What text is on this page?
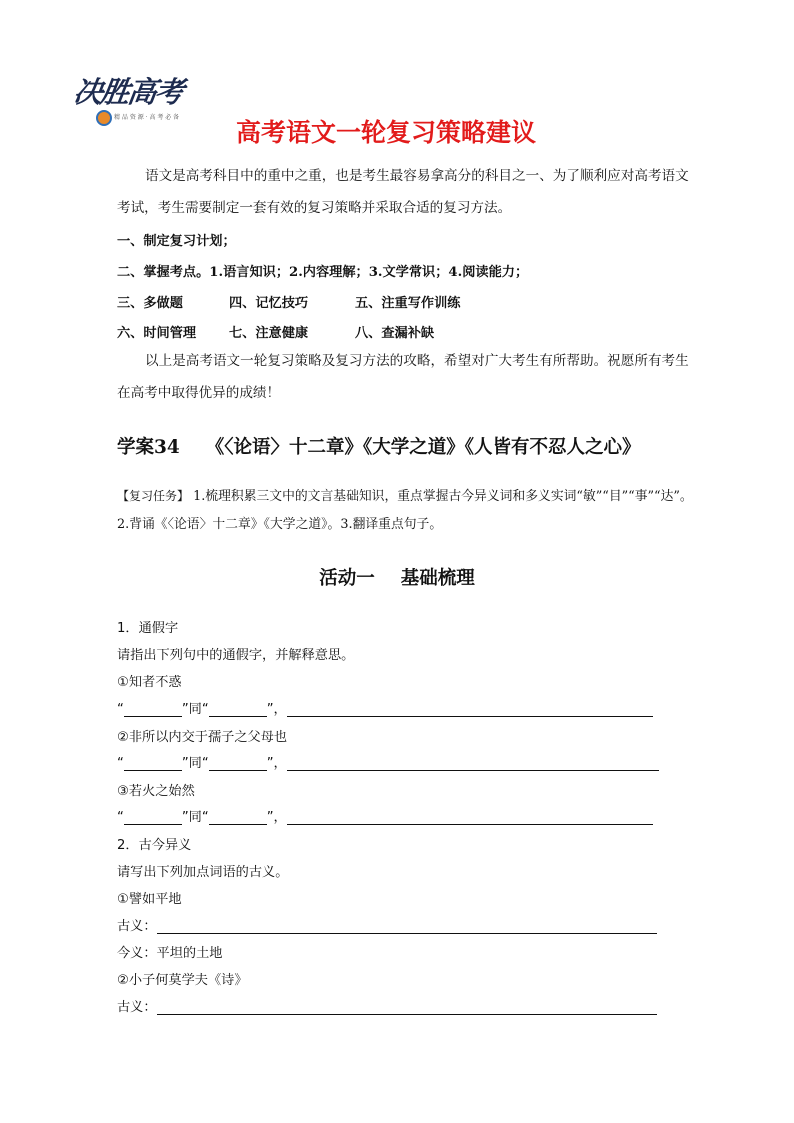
决胜高考
精 品 资 源 · 高 考 必 备
高考语文一轮复习策略建议
语文是高考科目中的重中之重，也是考生最容易拿高分的科目之一、为了顺利应对高考语文考试，考生需要制定一套有效的复习策略并采取合适的复习方法。
一、制定复习计划；
二、掌握考点。1.语言知识；2.内容理解；3.文学常识；4.阅读能力；
三、多做题	四、记忆技巧	五、注重写作训练
六、时间管理 七、注意健康	八、查漏补缺
以上是高考语文一轮复习策略及复习方法的攻略，希望对广大考生有所帮助。祝愿所有考生在高考中取得优异的成绩！
学案34 《〈论语〉十二章》《大学之道》《人皆有不忍人之心》
【复习任务】 1.梳理积累三文中的文言基础知识，重点掌握古今异义词和多义实词“敏”“目”“事”“达”。2.背诵《〈论语〉十二章》《大学之道》。3.翻译重点句子。
活动一 基础梳理
1．通假字
请指出下列句中的通假字，并解释意思。
①知者不惑
“	”同“	”，
②非所以内交于孺子之父母也
“	”同“	”，
③若火之始然
“	”同“	”，
2．古今异义
请写出下列加点词语的古义。
①譬如平地
古义：
今义：平坦的土地
②小子何莫学夫《诗》
古义：
